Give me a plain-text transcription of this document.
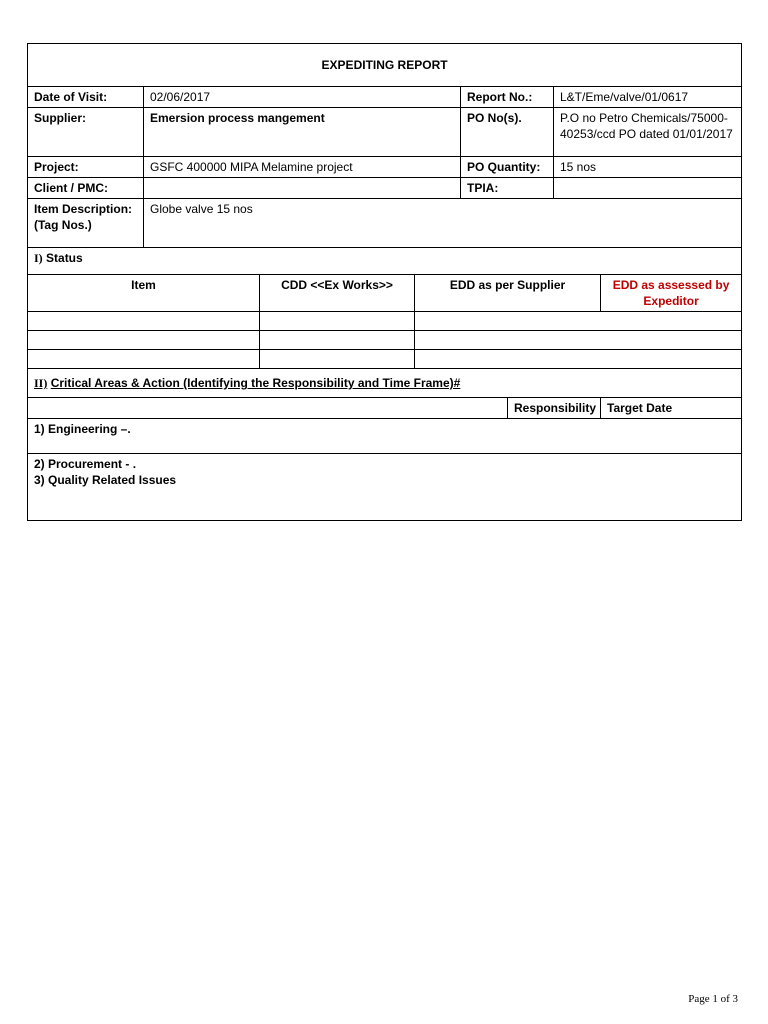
EXPEDITING REPORT							
Date of Visit:	02/06/2017			Report No.:		L&T/Eme/valve/01/0617	
Supplier:	Emersion process mangement			PO No(s).		P.O no Petro Chemicals/75000-40253/ccd PO dated 01/01/2017	
Project:	GSFC 400000 MIPA Melamine project			PO Quantity:		15 nos	
Client / PMC:				TPIA:			
Item Description: (Tag Nos.)	Globe valve 15 nos						
I) Status							
Item		CDD <<Ex Works>>	EDD as per Supplier				EDD as assessed by Expeditor

II) Critical Areas & Action (Identifying the Responsibility and Time Frame)#							
					Responsibility		Target Date
1) Engineering –.							

2) Procurement - .
3) Quality Related Issues							
Page 1 of 3
